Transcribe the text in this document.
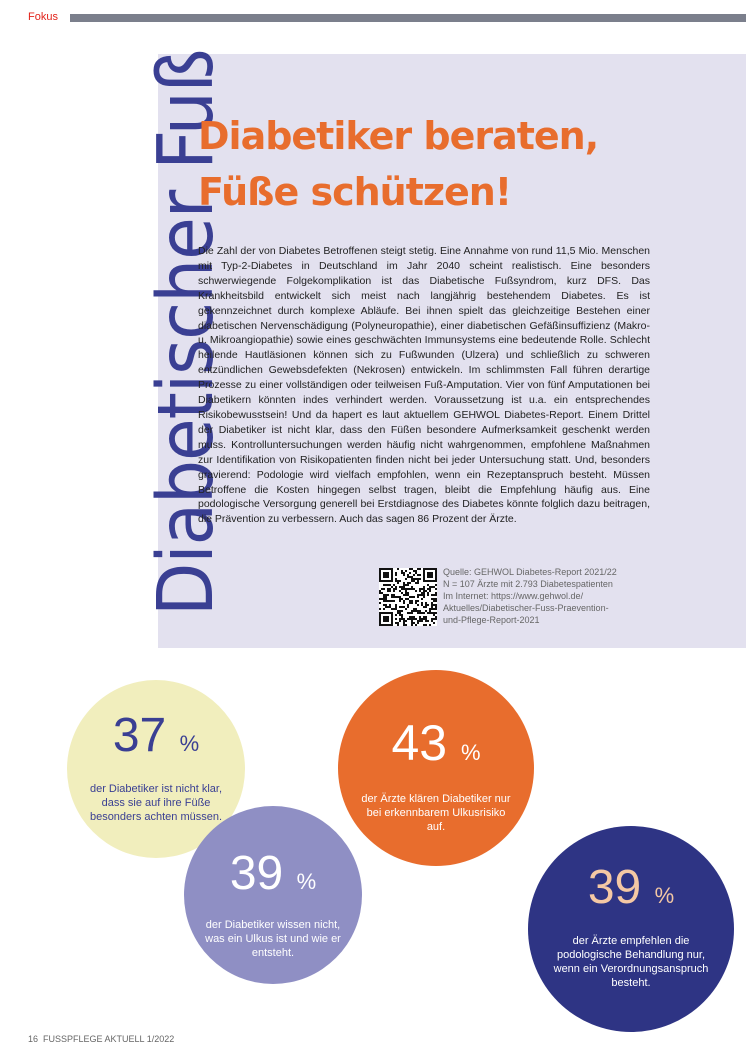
Fokus
Diabetischer Fuß
Diabetiker beraten,
Füße schützen!

Die Zahl der von Diabetes Betroffenen steigt stetig. Eine Annahme von rund 11,5 Mio. Menschen mit Typ-2-Diabetes in Deutschland im Jahr 2040 scheint realistisch. Eine besonders schwerwiegende Folgekomplikation ist das Diabetische Fußsyndrom, kurz DFS. Das Krankheitsbild entwickelt sich meist nach langjährig bestehendem Diabetes. Es ist gekennzeichnet durch komplexe Abläufe. Bei ihnen spielt das gleichzeitige Bestehen einer diabetischen Nervenschädigung (Polyneuropathie), einer diabetischen Gefäßinsuffizienz (Makro- u. Mikroangiopathie) sowie eines geschwächten Immunsystems eine bedeutende Rolle. Schlecht heilende Hautläsionen können sich zu Fußwunden (Ulzera) und schließlich zu schweren entzündlichen Gewebsdefekten (Nekrosen) entwickeln. Im schlimmsten Fall führen derartige Prozesse zu einer vollständigen oder teilweisen Fuß-Amputation. Vier von fünf Amputationen bei Diabetikern könnten indes verhindert werden. Voraussetzung ist u.a. ein entsprechendes Risikobewusstsein! Und da hapert es laut aktuellem GEHWOL Diabetes-Report. Einem Drittel der Diabetiker ist nicht klar, dass den Füßen besondere Aufmerksamkeit geschenkt werden muss. Kontrolluntersuchungen werden häufig nicht wahrgenommen, empfohlene Maßnahmen zur Identifikation von Risikopatienten finden nicht bei jeder Untersuchung statt. Und, besonders gravierend: Podologie wird vielfach empfohlen, wenn ein Rezeptanspruch besteht. Müssen Betroffene die Kosten hingegen selbst tragen, bleibt die Empfehlung häufig aus. Eine podologische Versorgung generell bei Erstdiagnose des Diabetes könnte folglich dazu beitragen, die Prävention zu verbessern. Auch das sagen 86 Prozent der Ärzte.

Quelle: GEHWOL Diabetes-Report 2021/22
N = 107 Ärzte mit 2.793 Diabetespatienten
Im Internet: https://www.gehwol.de/
Aktuelles/Diabetischer-Fuss-Praevention-
und-Pflege-Report-2021
37 %
der Diabetiker ist nicht klar, dass sie auf ihre Füße besonders achten müssen.
43 %
der Ärzte klären Diabetiker nur bei erkennbarem Ulkusrisiko auf.
39 %
der Diabetiker wissen nicht, was ein Ulkus ist und wie er entsteht.
39 %
der Ärzte empfehlen die podologische Behandlung nur, wenn ein Verordnungsanspruch besteht.
16 FUSSPFLEGE AKTUELL 1/2022
